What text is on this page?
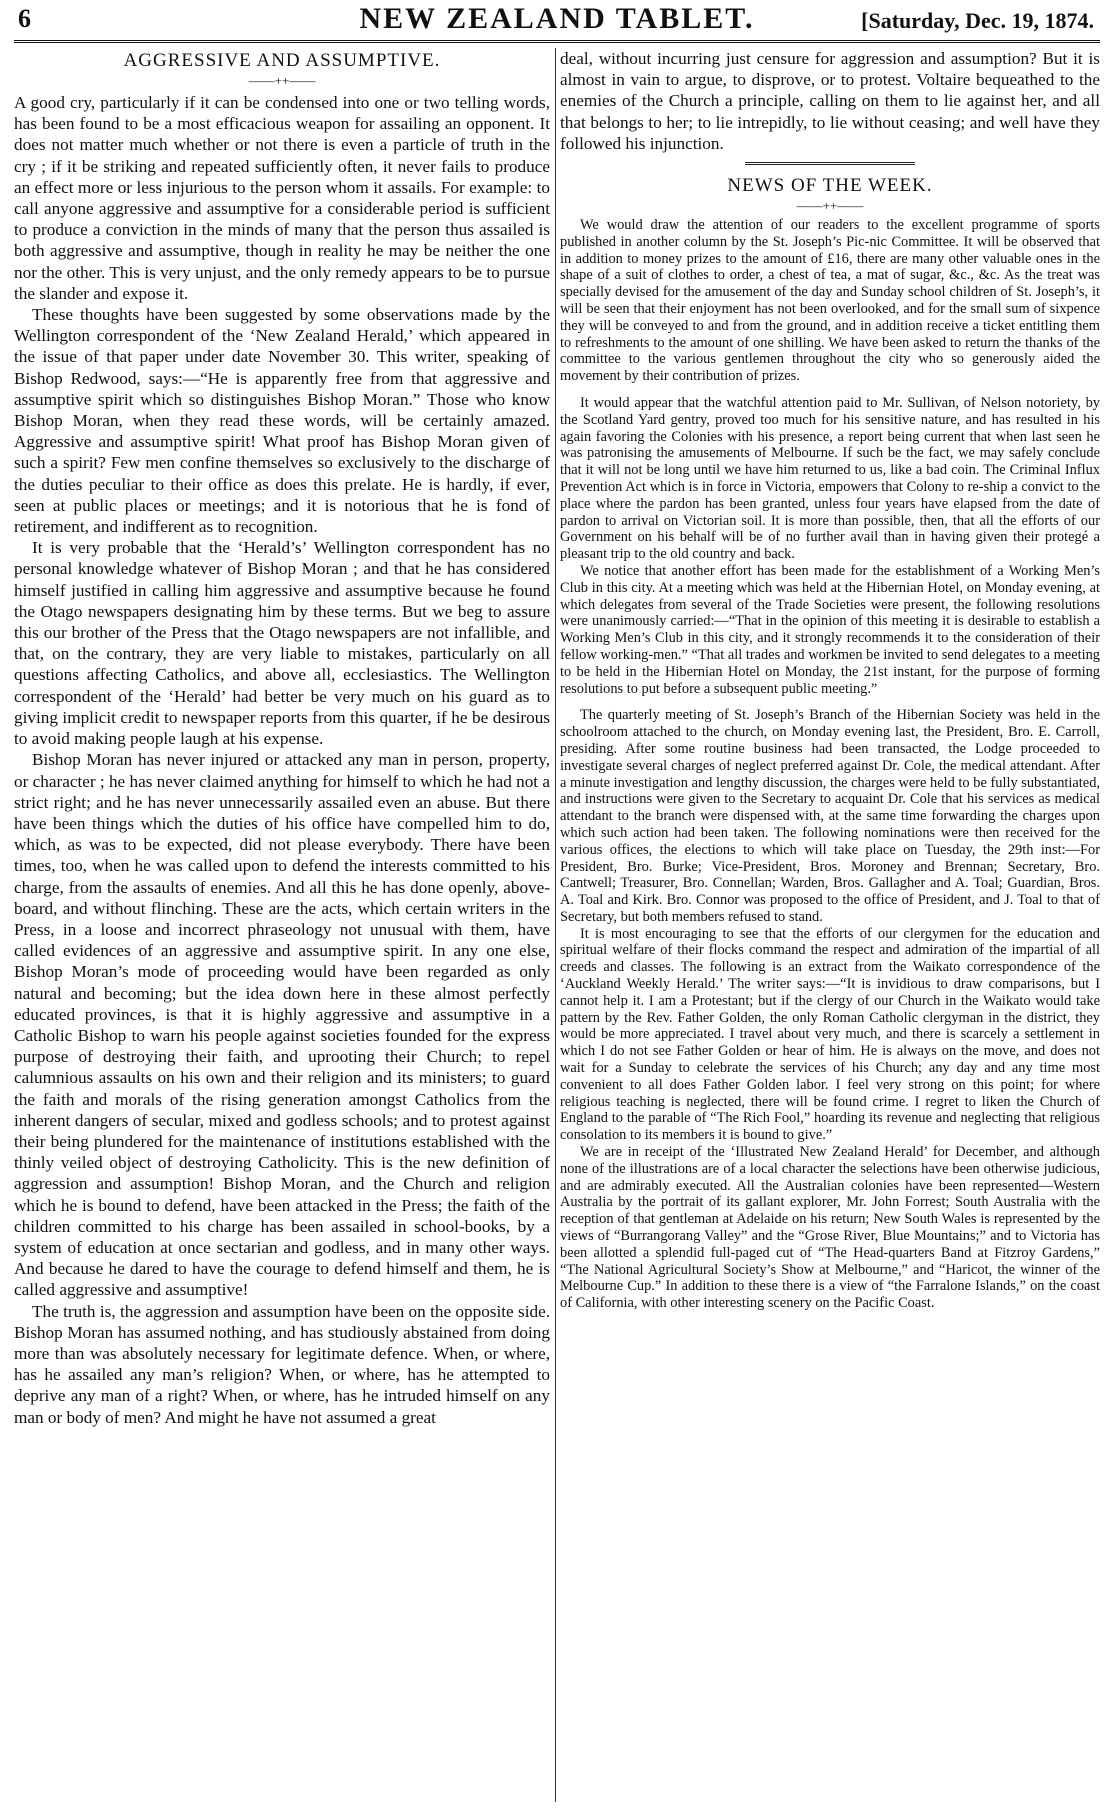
6	NEW ZEALAND TABLET.	[Saturday, Dec. 19, 1874.
AGGRESSIVE AND ASSUMPTIVE.
——++——

A good cry, particularly if it can be condensed into one or two telling words, has been found to be a most efficacious weapon for assailing an opponent. It does not matter much whether or not there is even a particle of truth in the cry ; if it be striking and repeated sufficiently often, it never fails to produce an effect more or less injurious to the person whom it assails. For example: to call anyone aggressive and assumptive for a considerable period is sufficient to produce a conviction in the minds of many that the person thus assailed is both aggressive and assumptive, though in reality he may be neither the one nor the other. This is very unjust, and the only remedy appears to be to pursue the slander and expose it.

These thoughts have been suggested by some observations made by the Wellington correspondent of the ‘New Zealand Herald,’ which appeared in the issue of that paper under date November 30. This writer, speaking of Bishop Redwood, says:—“He is apparently free from that aggressive and assumptive spirit which so distinguishes Bishop Moran.” Those who know Bishop Moran, when they read these words, will be certainly amazed. Aggressive and assumptive spirit! What proof has Bishop Moran given of such a spirit? Few men confine themselves so exclusively to the discharge of the duties peculiar to their office as does this prelate. He is hardly, if ever, seen at public places or meetings; and it is notorious that he is fond of retirement, and indifferent as to recognition.

It is very probable that the ‘Herald’s’ Wellington correspondent has no personal knowledge whatever of Bishop Moran ; and that he has considered himself justified in calling him aggressive and assumptive because he found the Otago newspapers designating him by these terms. But we beg to assure this our brother of the Press that the Otago newspapers are not infallible, and that, on the contrary, they are very liable to mistakes, particularly on all questions affecting Catholics, and above all, ecclesiastics. The Wellington correspondent of the ‘Herald’ had better be very much on his guard as to giving implicit credit to newspaper reports from this quarter, if he be desirous to avoid making people laugh at his expense.

Bishop Moran has never injured or attacked any man in person, property, or character ; he has never claimed anything for himself to which he had not a strict right; and he has never unnecessarily assailed even an abuse. But there have been things which the duties of his office have compelled him to do, which, as was to be expected, did not please everybody. There have been times, too, when he was called upon to defend the interests committed to his charge, from the assaults of enemies. And all this he has done openly, above-board, and without flinching. These are the acts, which certain writers in the Press, in a loose and incorrect phraseology not unusual with them, have called evidences of an aggressive and assumptive spirit. In any one else, Bishop Moran’s mode of proceeding would have been regarded as only natural and becoming; but the idea down here in these almost perfectly educated provinces, is that it is highly aggressive and assumptive in a Catholic Bishop to warn his people against societies founded for the express purpose of destroying their faith, and uprooting their Church; to repel calumnious assaults on his own and their religion and its ministers; to guard the faith and morals of the rising generation amongst Catholics from the inherent dangers of secular, mixed and godless schools; and to protest against their being plundered for the maintenance of institutions established with the thinly veiled object of destroying Catholicity. This is the new definition of aggression and assumption! Bishop Moran, and the Church and religion which he is bound to defend, have been attacked in the Press; the faith of the children committed to his charge has been assailed in school-books, by a system of education at once sectarian and godless, and in many other ways. And because he dared to have the courage to defend himself and them, he is called aggressive and assumptive!

The truth is, the aggression and assumption have been on the opposite side. Bishop Moran has assumed nothing, and has studiously abstained from doing more than was absolutely necessary for legitimate defence. When, or where, has he assailed any man’s religion? When, or where, has he attempted to deprive any man of a right? When, or where, has he intruded himself on any man or body of men? And might he have not assumed a great

deal, without incurring just censure for aggression and assumption? But it is almost in vain to argue, to disprove, or to protest. Voltaire bequeathed to the enemies of the Church a principle, calling on them to lie against her, and all that belongs to her; to lie intrepidly, to lie without ceasing; and well have they followed his injunction.

NEWS OF THE WEEK.
——++——

We would draw the attention of our readers to the excellent programme of sports published in another column by the St. Joseph’s Pic-nic Committee. It will be observed that in addition to money prizes to the amount of £16, there are many other valuable ones in the shape of a suit of clothes to order, a chest of tea, a mat of sugar, &c., &c. As the treat was specially devised for the amusement of the day and Sunday school children of St. Joseph’s, it will be seen that their enjoyment has not been overlooked, and for the small sum of sixpence they will be conveyed to and from the ground, and in addition receive a ticket entitling them to refreshments to the amount of one shilling. We have been asked to return the thanks of the committee to the various gentlemen throughout the city who so generously aided the movement by their contribution of prizes.

It would appear that the watchful attention paid to Mr. Sullivan, of Nelson notoriety, by the Scotland Yard gentry, proved too much for his sensitive nature, and has resulted in his again favoring the Colonies with his presence, a report being current that when last seen he was patronising the amusements of Melbourne. If such be the fact, we may safely conclude that it will not be long until we have him returned to us, like a bad coin. The Criminal Influx Prevention Act which is in force in Victoria, empowers that Colony to re-ship a convict to the place where the pardon has been granted, unless four years have elapsed from the date of pardon to arrival on Victorian soil. It is more than possible, then, that all the efforts of our Government on his behalf will be of no further avail than in having given their protegé a pleasant trip to the old country and back.

We notice that another effort has been made for the establishment of a Working Men’s Club in this city. At a meeting which was held at the Hibernian Hotel, on Monday evening, at which delegates from several of the Trade Societies were present, the following resolutions were unanimously carried:—“That in the opinion of this meeting it is desirable to establish a Working Men’s Club in this city, and it strongly recommends it to the consideration of their fellow working-men.” “That all trades and workmen be invited to send delegates to a meeting to be held in the Hibernian Hotel on Monday, the 21st instant, for the purpose of forming resolutions to put before a subsequent public meeting.”

The quarterly meeting of St. Joseph’s Branch of the Hibernian Society was held in the schoolroom attached to the church, on Monday evening last, the President, Bro. E. Carroll, presiding. After some routine business had been transacted, the Lodge proceeded to investigate several charges of neglect preferred against Dr. Cole, the medical attendant. After a minute investigation and lengthy discussion, the charges were held to be fully substantiated, and instructions were given to the Secretary to acquaint Dr. Cole that his services as medical attendant to the branch were dispensed with, at the same time forwarding the charges upon which such action had been taken. The following nominations were then received for the various offices, the elections to which will take place on Tuesday, the 29th inst:—For President, Bro. Burke; Vice-President, Bros. Moroney and Brennan; Secretary, Bro. Cantwell; Treasurer, Bro. Connellan; Warden, Bros. Gallagher and A. Toal; Guardian, Bros. A. Toal and Kirk. Bro. Connor was proposed to the office of President, and J. Toal to that of Secretary, but both members refused to stand.

It is most encouraging to see that the efforts of our clergymen for the education and spiritual welfare of their flocks command the respect and admiration of the impartial of all creeds and classes. The following is an extract from the Waikato correspondence of the ‘Auckland Weekly Herald.’ The writer says:—“It is invidious to draw comparisons, but I cannot help it. I am a Protestant; but if the clergy of our Church in the Waikato would take pattern by the Rev. Father Golden, the only Roman Catholic clergyman in the district, they would be more appreciated. I travel about very much, and there is scarcely a settlement in which I do not see Father Golden or hear of him. He is always on the move, and does not wait for a Sunday to celebrate the services of his Church; any day and any time most convenient to all does Father Golden labor. I feel very strong on this point; for where religious teaching is neglected, there will be found crime. I regret to liken the Church of England to the parable of “The Rich Fool,” hoarding its revenue and neglecting that religious consolation to its members it is bound to give.”

We are in receipt of the ‘Illustrated New Zealand Herald’ for December, and although none of the illustrations are of a local character the selections have been otherwise judicious, and are admirably executed. All the Australian colonies have been represented—Western Australia by the portrait of its gallant explorer, Mr. John Forrest; South Australia with the reception of that gentleman at Adelaide on his return; New South Wales is represented by the views of “Burrangorang Valley” and the “Grose River, Blue Mountains;” and to Victoria has been allotted a splendid full-paged cut of “The Head-quarters Band at Fitzroy Gardens,” “The National Agricultural Society’s Show at Melbourne,” and “Haricot, the winner of the Melbourne Cup.” In addition to these there is a view of “the Farralone Islands,” on the coast of California, with other interesting scenery on the Pacific Coast.
